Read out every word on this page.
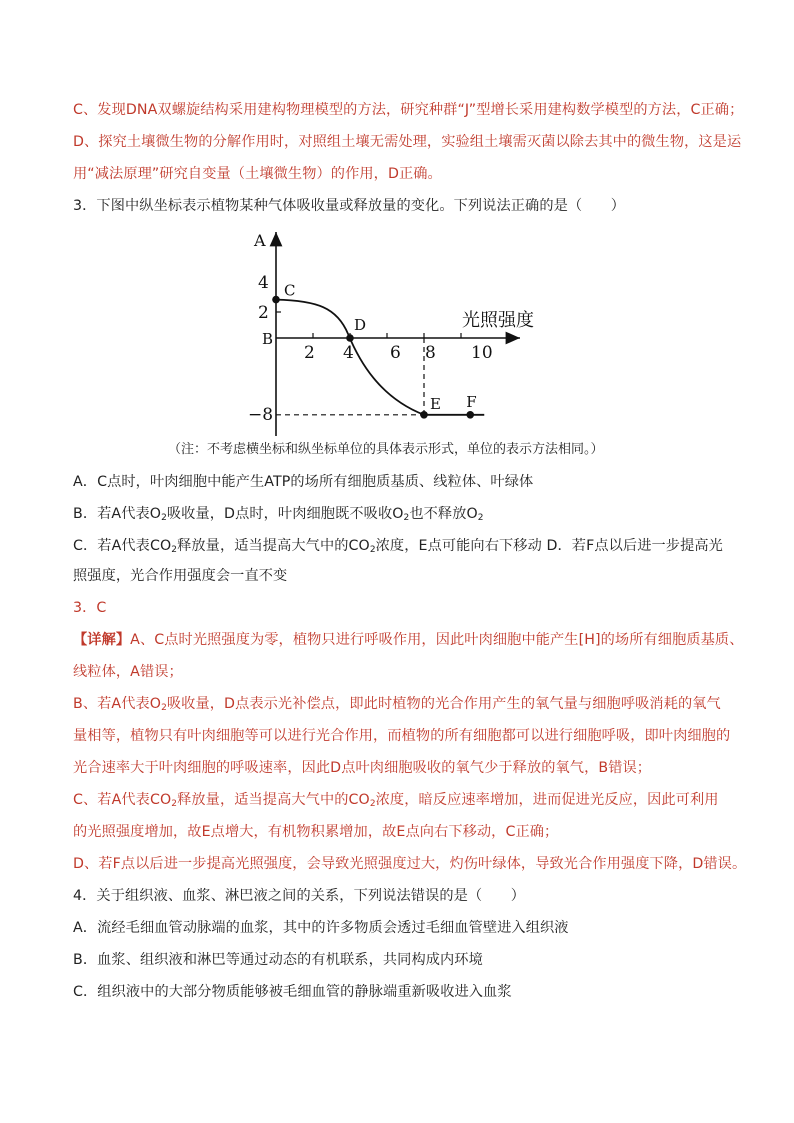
C、发现DNA双螺旋结构采用建构物理模型的方法，研究种群“J”型增长采用建构数学模型的方法，C正确；

D、探究土壤微生物的分解作用时，对照组土壤无需处理，实验组土壤需灭菌以除去其中的微生物，这是运

用“减法原理”研究自变量（土壤微生物）的作用，D正确。

3．下图中纵坐标表示植物某种气体吸收量或释放量的变化。下列说法正确的是（　　）

C
D
E F
A
光照强度
B
4
2
−8
2 4 6 8 10
（注：不考虑横坐标和纵坐标单位的具体表示形式，单位的表示方法相同。）

A．C点时，叶肉细胞中能产生ATP的场所有细胞质基质、线粒体、叶绿体

B．若A代表$O_2$吸收量，D点时，叶肉细胞既不吸收$O_2$也不释放$O_2$

C．若A代表$CO_2$释放量，适当提高大气中的$CO_2$浓度，E点可能向右下移动 D．若F点以后进一步提高光

照强度，光合作用强度会一直不变

3．C

【详解】A、C点时光照强度为零，植物只进行呼吸作用，因此叶肉细胞中能产生[H]的场所有细胞质基质、

线粒体，A错误；

B、若A代表$O_2$吸收量，D点表示光补偿点，即此时植物的光合作用产生的氧气量与细胞呼吸消耗的氧气

量相等，植物只有叶肉细胞等可以进行光合作用，而植物的所有细胞都可以进行细胞呼吸，即叶肉细胞的

光合速率大于叶肉细胞的呼吸速率，因此D点叶肉细胞吸收的氧气少于释放的氧气，B错误；

C、若A代表$CO_2$释放量，适当提高大气中的$CO_2$浓度，暗反应速率增加，进而促进光反应，因此可利用

的光照强度增加，故E点增大，有机物积累增加，故E点向右下移动，C正确；

D、若F点以后进一步提高光照强度，会导致光照强度过大，灼伤叶绿体，导致光合作用强度下降，D错误。

4．关于组织液、血浆、淋巴液之间的关系，下列说法错误的是（　　）

A．流经毛细血管动脉端的血浆，其中的许多物质会透过毛细血管壁进入组织液

B．血浆、组织液和淋巴等通过动态的有机联系，共同构成内环境

C．组织液中的大部分物质能够被毛细血管的静脉端重新吸收进入血浆
